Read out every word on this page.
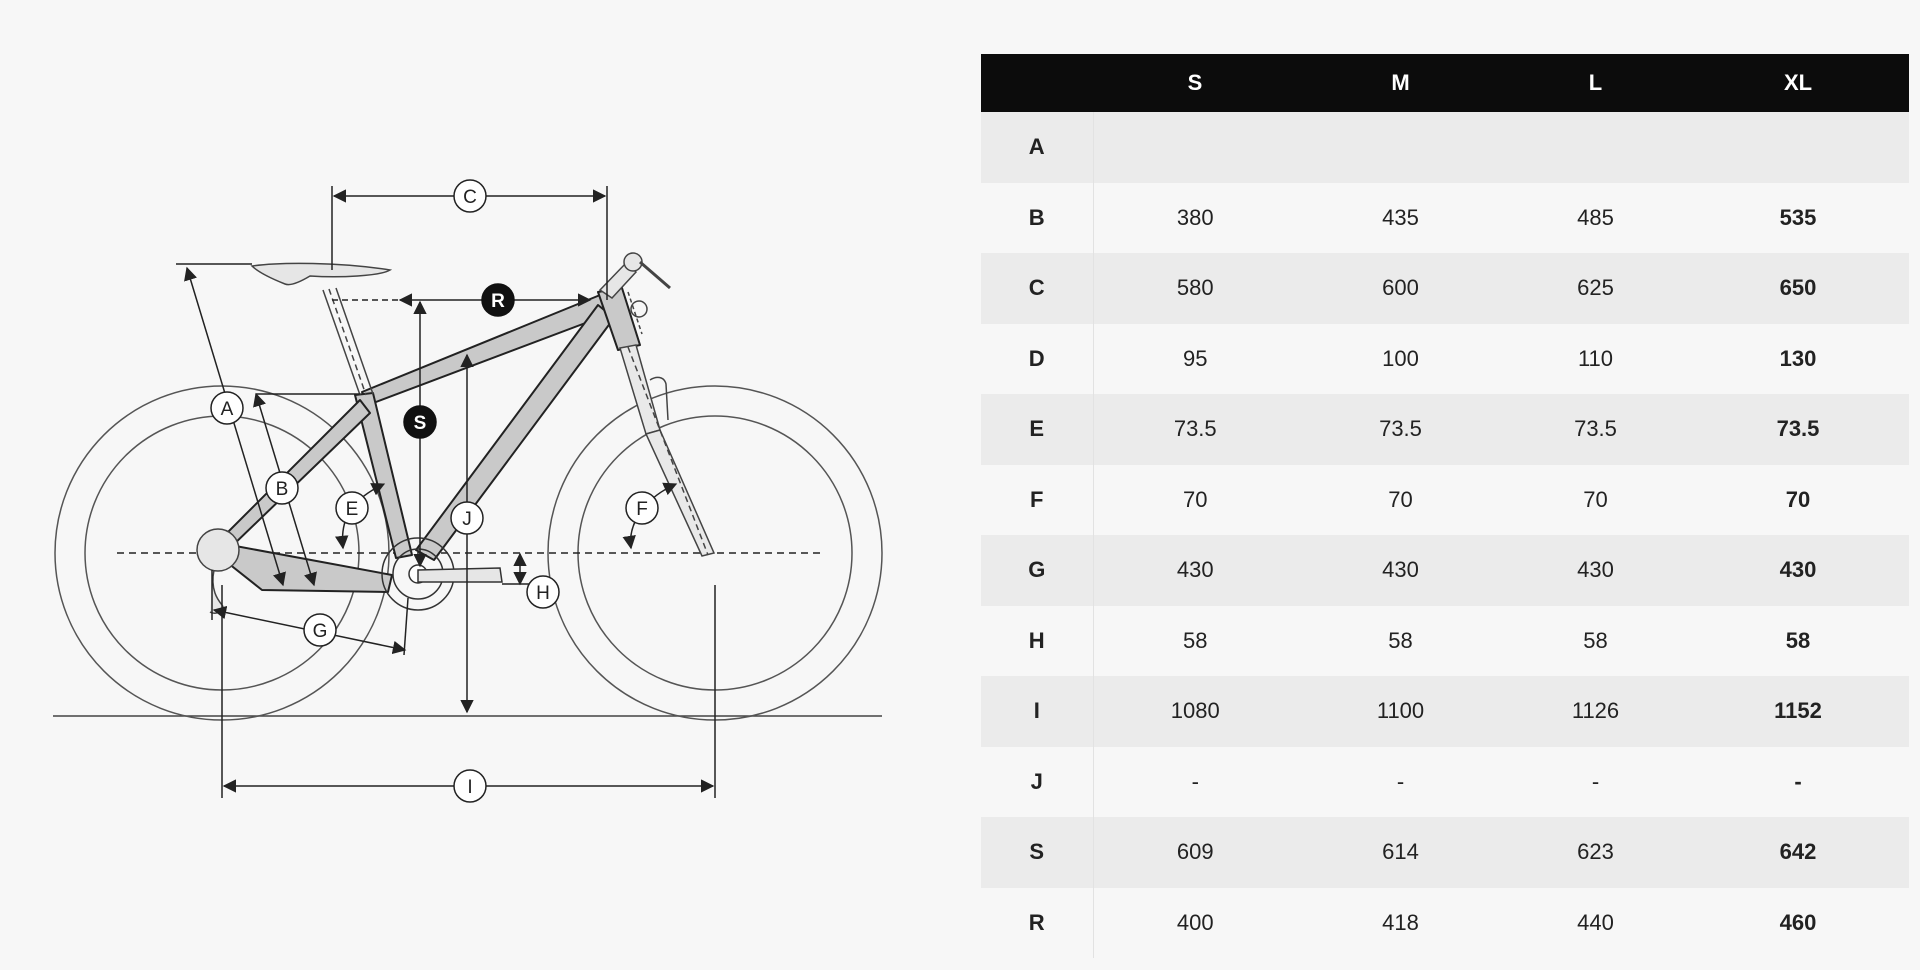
C
R
S
A
B
E	J	F
H
G
I
	S	M	L	XL
A				
B	380	435	485	535
C	580	600	625	650
D	95	100	110	130
E	73.5	73.5	73.5	73.5
F	70	70	70	70
G	430	430	430	430
H	58	58	58	58
I	1080	1100	1126	1152
J	-	-	-	-
S	609	614	623	642
R	400	418	440	460
